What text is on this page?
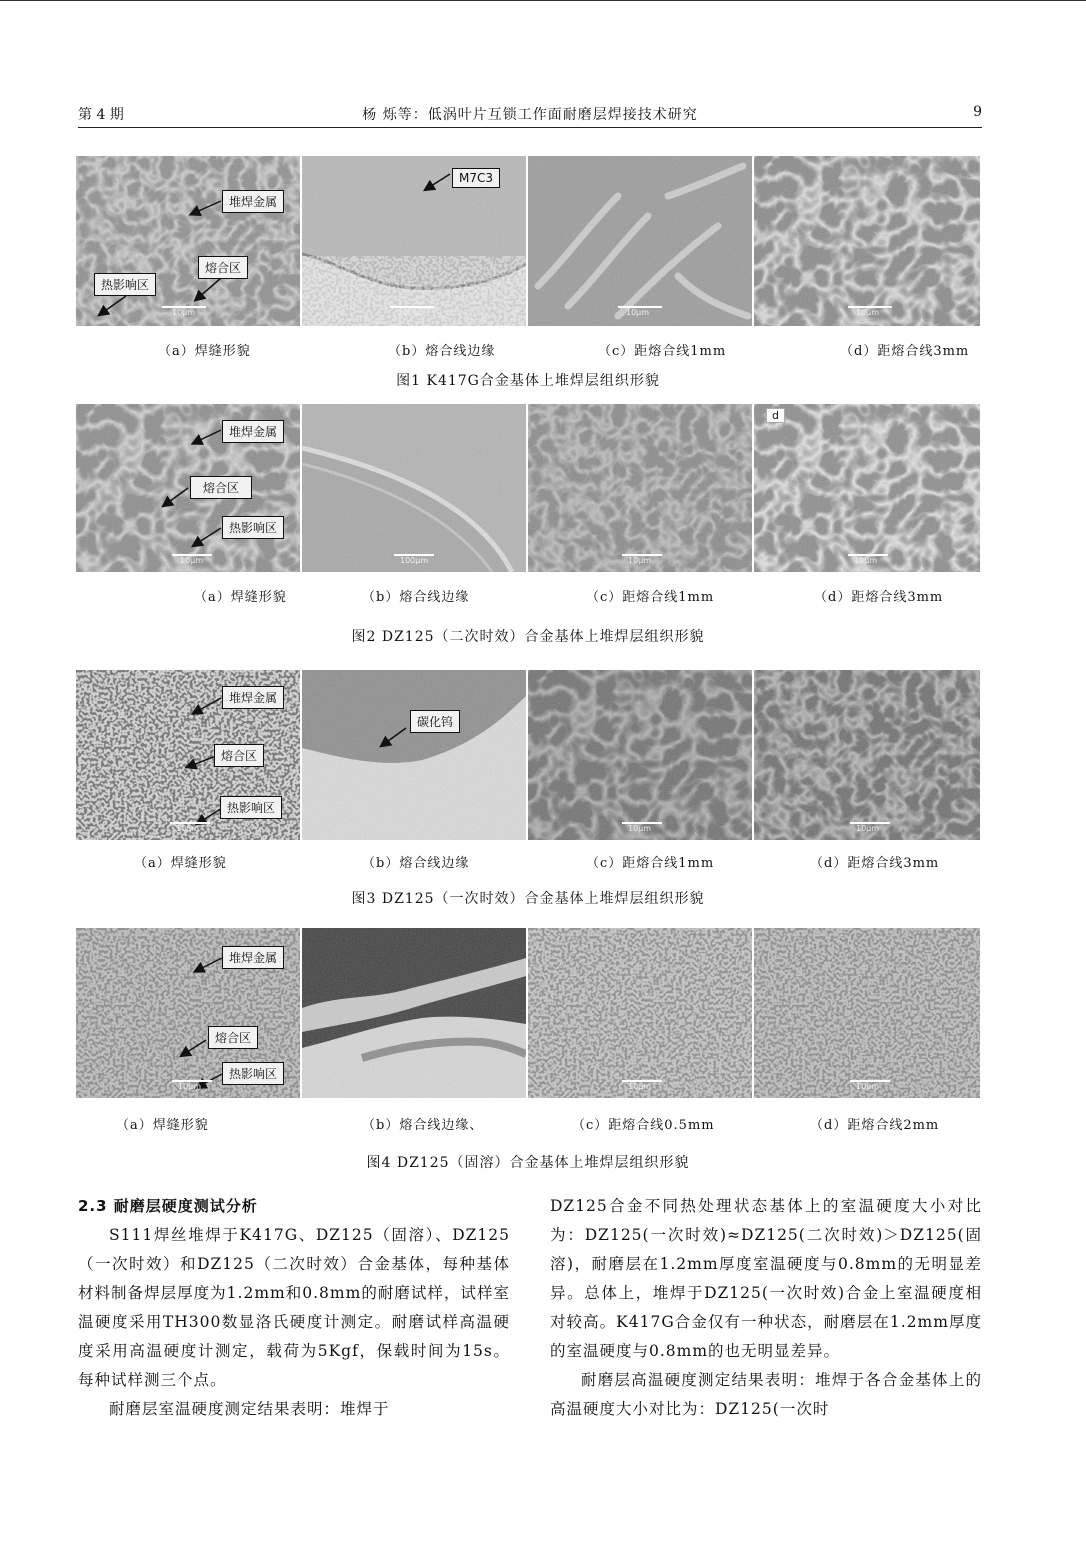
第 4 期	杨 烁等：低涡叶片互锁工作面耐磨层焊接技术研究	9
堆焊金属
熔合区
热影响区
10μm
M7C3
100μm	10μm	10μm
（a）焊缝形貌	（b）熔合线边缘	（c）距熔合线1mm	（d）距熔合线3mm
图1 K417G合金基体上堆焊层组织形貌
堆焊金属
熔合区
热影响区
10μm	100μm	10μm
d
10μm
（a）焊缝形貌	（b）熔合线边缘	（c）距熔合线1mm	（d）距熔合线3mm
图2 DZ125（二次时效）合金基体上堆焊层组织形貌
堆焊金属
熔合区
热影响区
10μm
碳化钨
10μm	10μm
（a）焊缝形貌	（b）熔合线边缘	（c）距熔合线1mm	（d）距熔合线3mm
图3 DZ125（一次时效）合金基体上堆焊层组织形貌
堆焊金属
熔合区
热影响区
10μm	10μm	10μm
（a）焊缝形貌	（b）熔合线边缘、	（c）距熔合线0.5mm	（d）距熔合线2mm
图4 DZ125（固溶）合金基体上堆焊层组织形貌

2.3 耐磨层硬度测试分析

S111焊丝堆焊于K417G、DZ125（固溶）、DZ125（一次时效）和DZ125（二次时效）合金基体，每种基体材料制备焊层厚度为1.2mm和0.8mm的耐磨试样，试样室温硬度采用TH300数显洛氏硬度计测定。耐磨试样高温硬度采用高温硬度计测定，载荷为5Kgf，保载时间为15s。每种试样测三个点。

耐磨层室温硬度测定结果表明：堆焊于

DZ125合金不同热处理状态基体上的室温硬度大小对比为：DZ125(一次时效)≈DZ125(二次时效)＞DZ125(固溶)，耐磨层在1.2mm厚度室温硬度与0.8mm的无明显差异。总体上，堆焊于DZ125(一次时效)合金上室温硬度相对较高。K417G合金仅有一种状态，耐磨层在1.2mm厚度的室温硬度与0.8mm的也无明显差异。

耐磨层高温硬度测定结果表明：堆焊于各合金基体上的高温硬度大小对比为：DZ125(一次时
